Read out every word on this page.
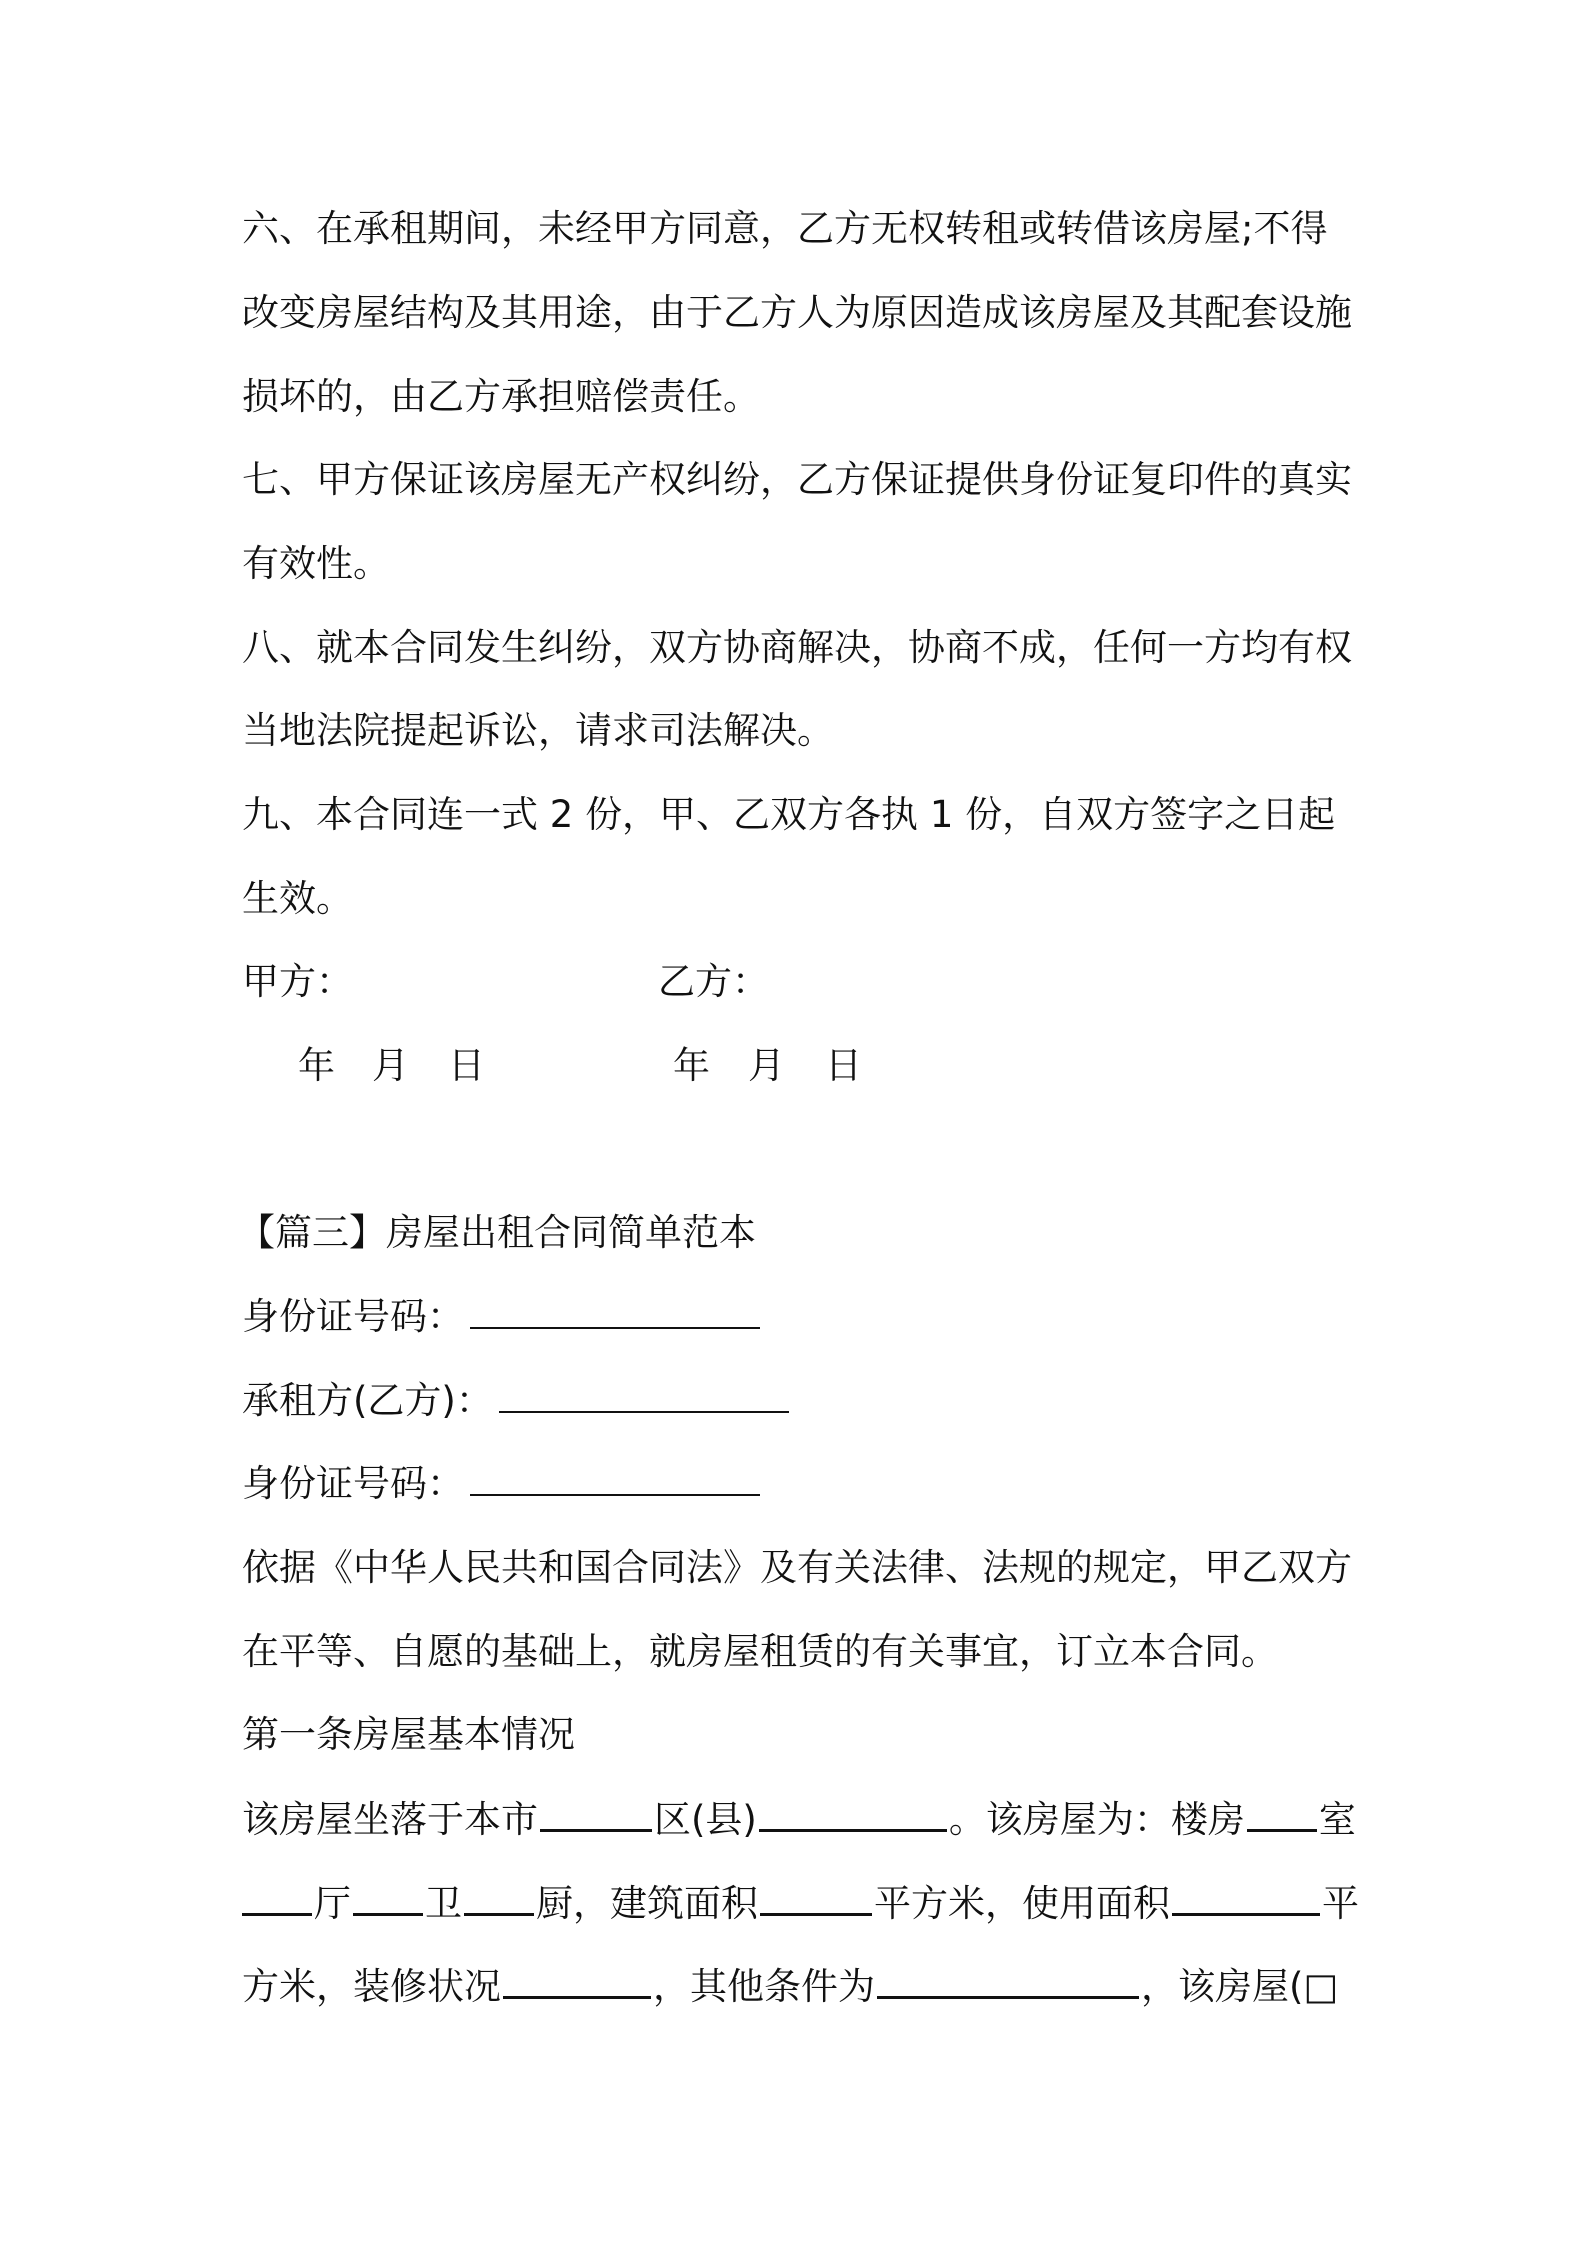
六、在承租期间，未经甲方同意，乙方无权转租或转借该房屋;不得

改变房屋结构及其用途，由于乙方人为原因造成该房屋及其配套设施

损坏的，由乙方承担赔偿责任。

七、甲方保证该房屋无产权纠纷，乙方保证提供身份证复印件的真实

有效性。

八、就本合同发生纠纷，双方协商解决，协商不成，任何一方均有权

当地法院提起诉讼，请求司法解决。

九、本合同连一式 2 份，甲、乙双方各执 1 份，自双方签字之日起

生效。

甲方：	乙方：

年 月 日	年 月 日

【篇三】房屋出租合同简单范本

身份证号码：

承租方(乙方)：

身份证号码：

依据《中华人民共和国合同法》及有关法律、法规的规定，甲乙双方

在平等、自愿的基础上，就房屋租赁的有关事宜，订立本合同。

第一条房屋基本情况

该房屋坐落于本市	区(县)	。该房屋为：楼房 室

厅 卫 厨，建筑面积	平方米，使用面积	平

方米，装修状况	，其他条件为	，该房屋(□
